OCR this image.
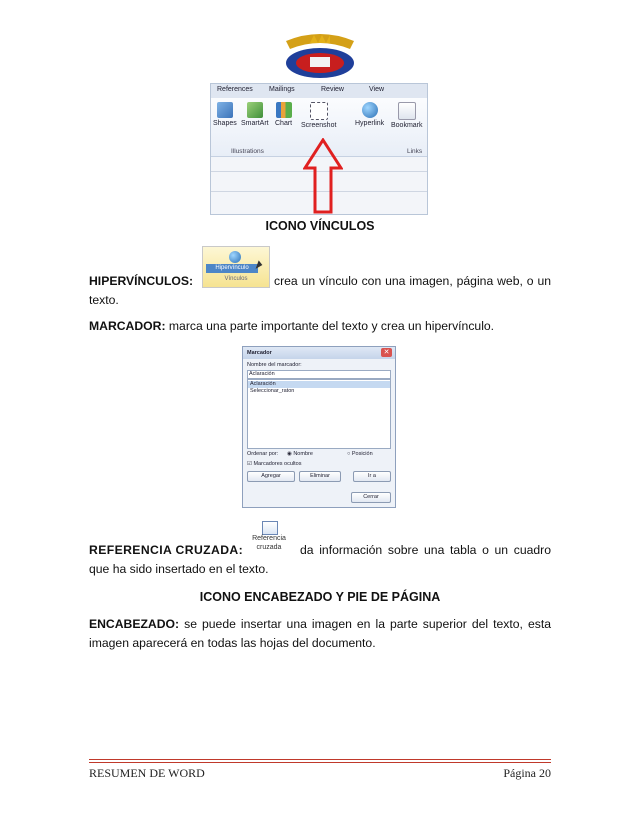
References Mailings	Review	View
Shapes SmartArt Chart Screenshot	Hyperlink Bookmark
Illustrations	Links
ICONO VÍNCULOS
HIPERVÍNCULOS:
Hipervínculo
Vínculos	crea un vínculo con una imagen, página web, o un
texto.
MARCADOR: marca una parte importante del texto y crea un hipervínculo.
Marcador	✕
Nombre del marcador:
Aclaración
Aclaración
Seleccionar_raton
Ordenar por: ◉ Nombre	○ Posición
☑ Marcadores ocultos
Agregar	Eliminar	Ir a
Cerrar
REFERENCIA CRUZADA:
Referencia
cruzada	da información sobre una tabla o un cuadro
que ha sido insertado en el texto.
ICONO ENCABEZADO Y PIE DE PÁGINA
ENCABEZADO: se puede insertar una imagen en la parte superior del texto, esta
imagen aparecerá en todas las hojas del documento.
RESUMEN DE WORD	Página 20
